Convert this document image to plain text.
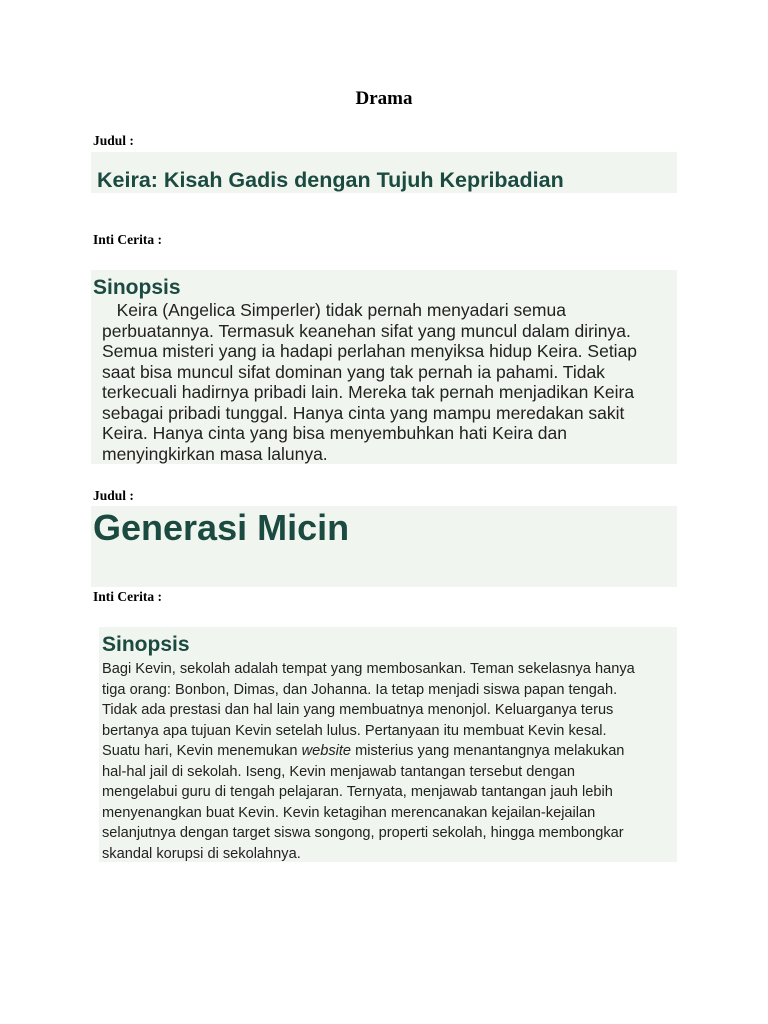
Drama
Judul :
Keira: Kisah Gadis dengan Tujuh Kepribadian
Inti Cerita :
Sinopsis
Keira (Angelica Simperler) tidak pernah menyadari semua
perbuatannya. Termasuk keanehan sifat yang muncul dalam dirinya.
Semua misteri yang ia hadapi perlahan menyiksa hidup Keira. Setiap
saat bisa muncul sifat dominan yang tak pernah ia pahami. Tidak
terkecuali hadirnya pribadi lain. Mereka tak pernah menjadikan Keira
sebagai pribadi tunggal. Hanya cinta yang mampu meredakan sakit
Keira. Hanya cinta yang bisa menyembuhkan hati Keira dan
menyingkirkan masa lalunya.
Judul :
Generasi Micin
Inti Cerita :
Sinopsis
Bagi Kevin, sekolah adalah tempat yang membosankan. Teman sekelasnya hanya
tiga orang: Bonbon, Dimas, dan Johanna. Ia tetap menjadi siswa papan tengah.
Tidak ada prestasi dan hal lain yang membuatnya menonjol. Keluarganya terus
bertanya apa tujuan Kevin setelah lulus. Pertanyaan itu membuat Kevin kesal.
Suatu hari, Kevin menemukan website misterius yang menantangnya melakukan
hal-hal jail di sekolah. Iseng, Kevin menjawab tantangan tersebut dengan
mengelabui guru di tengah pelajaran. Ternyata, menjawab tantangan jauh lebih
menyenangkan buat Kevin. Kevin ketagihan merencanakan kejailan-kejailan
selanjutnya dengan target siswa songong, properti sekolah, hingga membongkar
skandal korupsi di sekolahnya.
